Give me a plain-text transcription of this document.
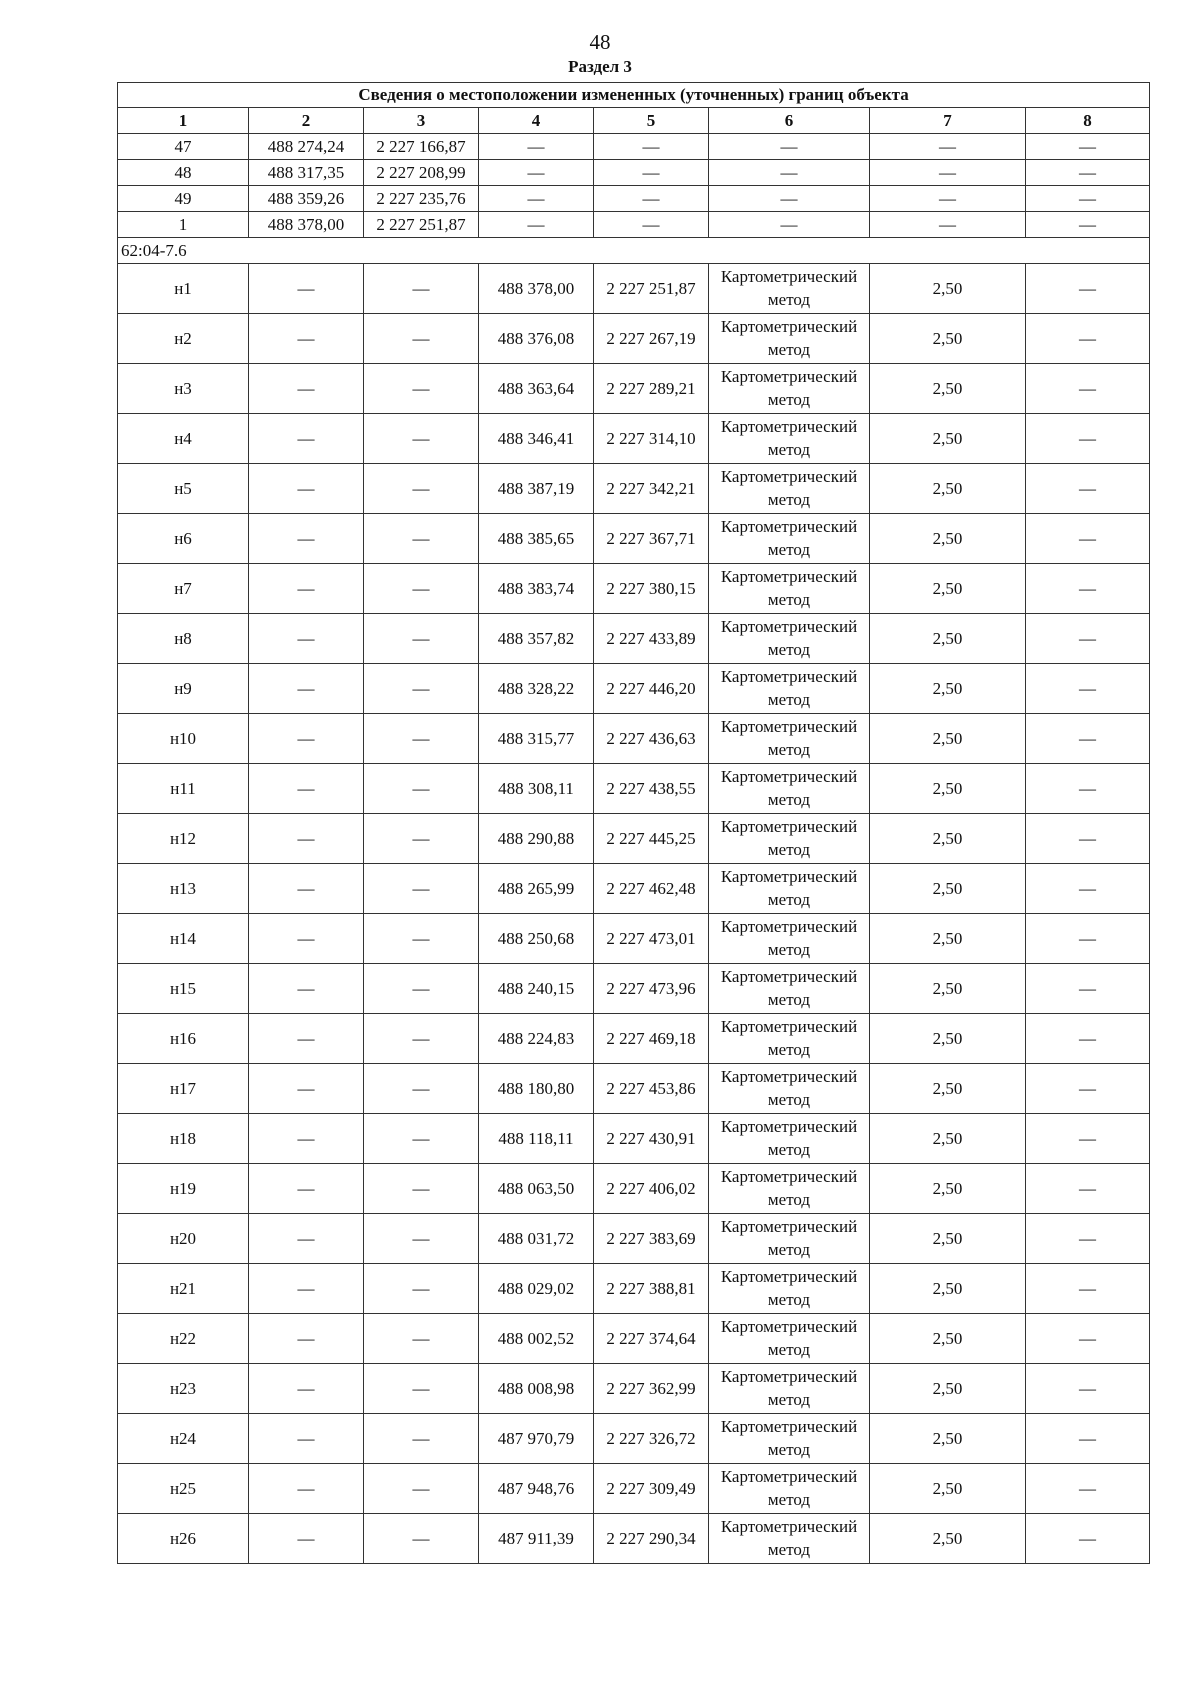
48
Раздел 3
Сведения о местоположении измененных (уточненных) границ объекта							
1	2	3	4	5	6	7	8
47	488 274,24	2 227 166,87	—	—	—	—	—
48	488 317,35	2 227 208,99	—	—	—	—	—
49	488 359,26	2 227 235,76	—	—	—	—	—
1	488 378,00	2 227 251,87	—	—	—	—	—
62:04-7.6							
н1	—	—	488 378,00	2 227 251,87	Картометрический метод	2,50	—
н2	—	—	488 376,08	2 227 267,19	Картометрический метод	2,50	—
н3	—	—	488 363,64	2 227 289,21	Картометрический метод	2,50	—
н4	—	—	488 346,41	2 227 314,10	Картометрический метод	2,50	—
н5	—	—	488 387,19	2 227 342,21	Картометрический метод	2,50	—
н6	—	—	488 385,65	2 227 367,71	Картометрический метод	2,50	—
н7	—	—	488 383,74	2 227 380,15	Картометрический метод	2,50	—
н8	—	—	488 357,82	2 227 433,89	Картометрический метод	2,50	—
н9	—	—	488 328,22	2 227 446,20	Картометрический метод	2,50	—
н10	—	—	488 315,77	2 227 436,63	Картометрический метод	2,50	—
н11	—	—	488 308,11	2 227 438,55	Картометрический метод	2,50	—
н12	—	—	488 290,88	2 227 445,25	Картометрический метод	2,50	—
н13	—	—	488 265,99	2 227 462,48	Картометрический метод	2,50	—
н14	—	—	488 250,68	2 227 473,01	Картометрический метод	2,50	—
н15	—	—	488 240,15	2 227 473,96	Картометрический метод	2,50	—
н16	—	—	488 224,83	2 227 469,18	Картометрический метод	2,50	—
н17	—	—	488 180,80	2 227 453,86	Картометрический метод	2,50	—
н18	—	—	488 118,11	2 227 430,91	Картометрический метод	2,50	—
н19	—	—	488 063,50	2 227 406,02	Картометрический метод	2,50	—
н20	—	—	488 031,72	2 227 383,69	Картометрический метод	2,50	—
н21	—	—	488 029,02	2 227 388,81	Картометрический метод	2,50	—
н22	—	—	488 002,52	2 227 374,64	Картометрический метод	2,50	—
н23	—	—	488 008,98	2 227 362,99	Картометрический метод	2,50	—
н24	—	—	487 970,79	2 227 326,72	Картометрический метод	2,50	—
н25	—	—	487 948,76	2 227 309,49	Картометрический метод	2,50	—
н26	—	—	487 911,39	2 227 290,34	Картометрический метод	2,50	—
